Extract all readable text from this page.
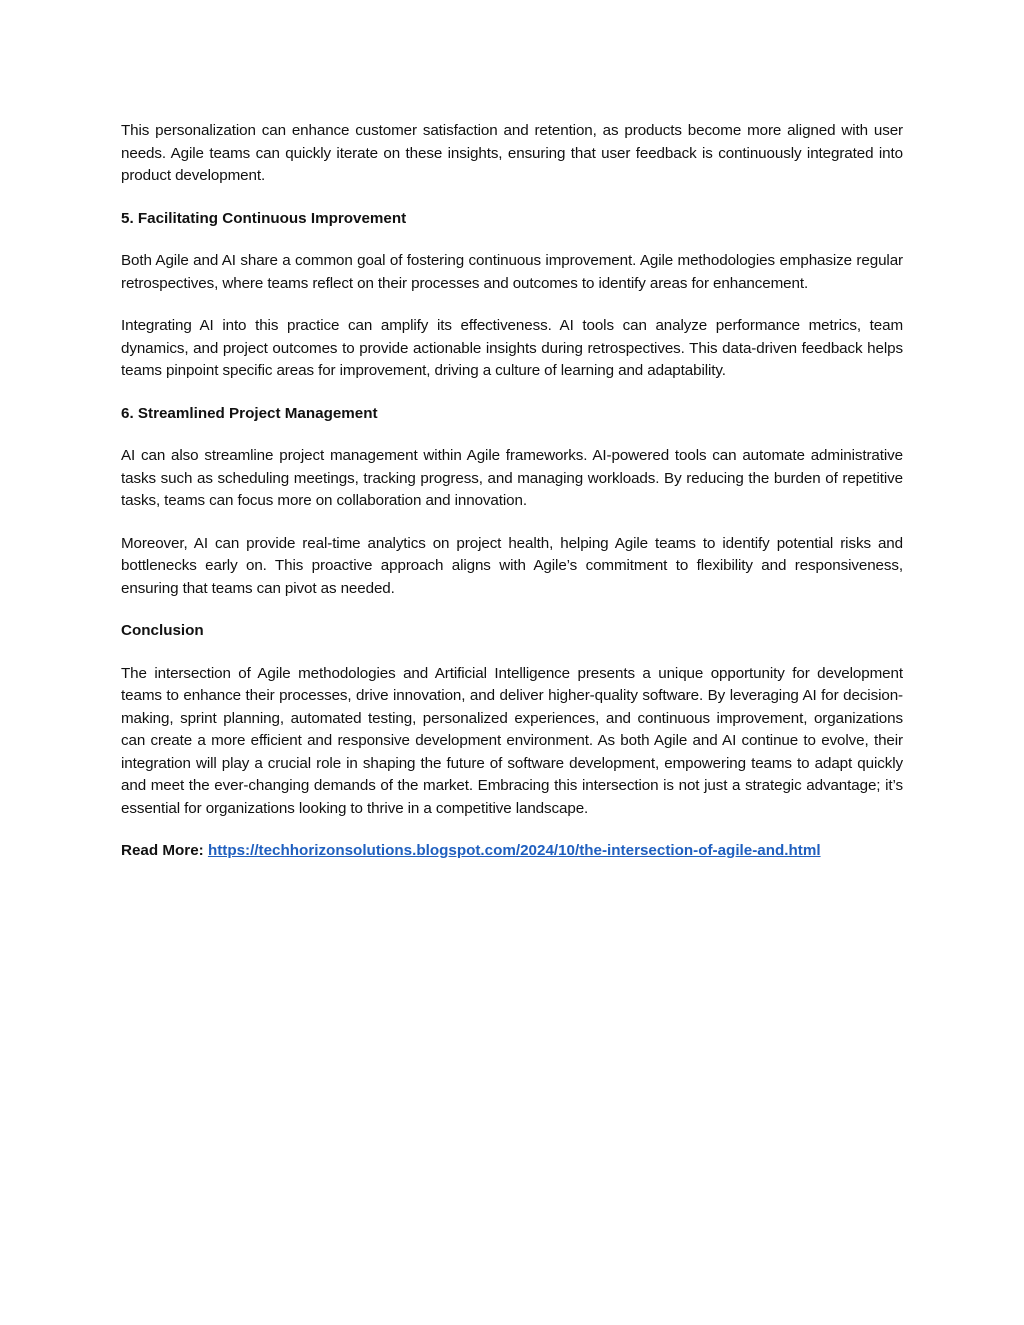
This personalization can enhance customer satisfaction and retention, as products become more aligned with user needs. Agile teams can quickly iterate on these insights, ensuring that user feedback is continuously integrated into product development.

5. Facilitating Continuous Improvement

Both Agile and AI share a common goal of fostering continuous improvement. Agile methodologies emphasize regular retrospectives, where teams reflect on their processes and outcomes to identify areas for enhancement.

Integrating AI into this practice can amplify its effectiveness. AI tools can analyze performance metrics, team dynamics, and project outcomes to provide actionable insights during retrospectives. This data-driven feedback helps teams pinpoint specific areas for improvement, driving a culture of learning and adaptability.

6. Streamlined Project Management

AI can also streamline project management within Agile frameworks. AI-powered tools can automate administrative tasks such as scheduling meetings, tracking progress, and managing workloads. By reducing the burden of repetitive tasks, teams can focus more on collaboration and innovation.

Moreover, AI can provide real-time analytics on project health, helping Agile teams to identify potential risks and bottlenecks early on. This proactive approach aligns with Agile’s commitment to flexibility and responsiveness, ensuring that teams can pivot as needed.

Conclusion

The intersection of Agile methodologies and Artificial Intelligence presents a unique opportunity for development teams to enhance their processes, drive innovation, and deliver higher-quality software. By leveraging AI for decision-making, sprint planning, automated testing, personalized experiences, and continuous improvement, organizations can create a more efficient and responsive development environment. As both Agile and AI continue to evolve, their integration will play a crucial role in shaping the future of software development, empowering teams to adapt quickly and meet the ever-changing demands of the market. Embracing this intersection is not just a strategic advantage; it’s essential for organizations looking to thrive in a competitive landscape.

Read More: https://techhorizonsolutions.blogspot.com/2024/10/the-intersection-of-agile-and.html
